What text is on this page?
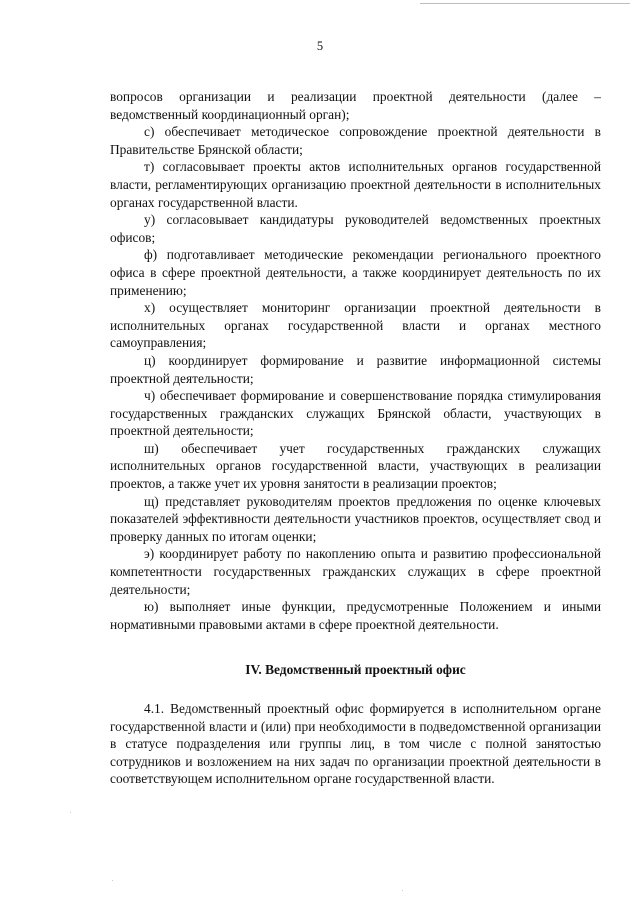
5

вопросов организации и реализации проектной деятельности (далее – ведомственный координационный орган);

с) обеспечивает методическое сопровождение проектной деятельности в Правительстве Брянской области;

т) согласовывает проекты актов исполнительных органов государственной власти, регламентирующих организацию проектной деятельности в исполнительных органах государственной власти.

у) согласовывает кандидатуры руководителей ведомственных проектных офисов;

ф) подготавливает методические рекомендации регионального проектного офиса в сфере проектной деятельности, а также координирует деятельность по их применению;

х) осуществляет мониторинг организации проектной деятельности в исполнительных органах государственной власти и органах местного самоуправления;

ц) координирует формирование и развитие информационной системы проектной деятельности;

ч) обеспечивает формирование и совершенствование порядка стимулирования государственных гражданских служащих Брянской области, участвующих в проектной деятельности;

ш) обеспечивает учет государственных гражданских служащих исполнительных органов государственной власти, участвующих в реализации проектов, а также учет их уровня занятости в реализации проектов;

щ) представляет руководителям проектов предложения по оценке ключевых показателей эффективности деятельности участников проектов, осуществляет свод и проверку данных по итогам оценки;

э) координирует работу по накоплению опыта и развитию профессиональной компетентности государственных гражданских служащих в сфере проектной деятельности;

ю) выполняет иные функции, предусмотренные Положением и иными нормативными правовыми актами в сфере проектной деятельности.

IV. Ведомственный проектный офис

4.1. Ведомственный проектный офис формируется в исполнительном органе государственной власти и (или) при необходимости в подведомственной организации в статусе подразделения или группы лиц, в том числе с полной занятостью сотрудников и возложением на них задач по организации проектной деятельности в соответствующем исполнительном органе государственной власти.
